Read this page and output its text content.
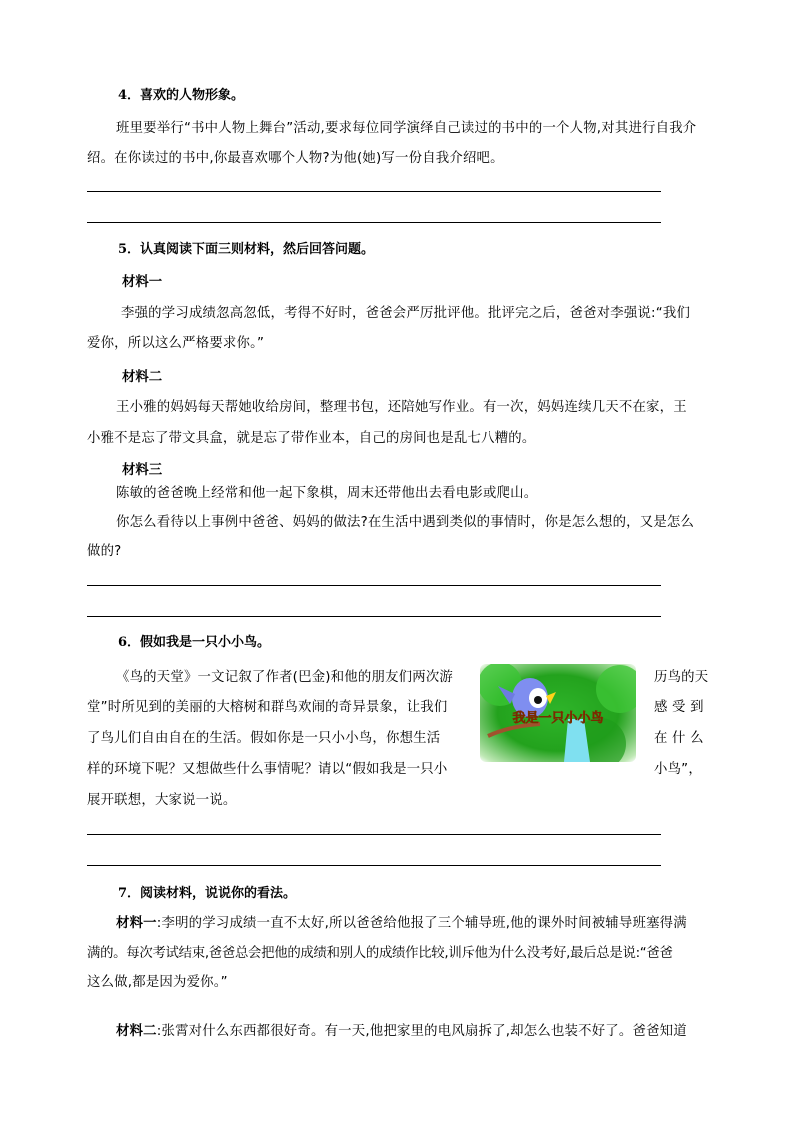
4．喜欢的人物形象。
班里要举行“书中人物上舞台”活动,要求每位同学演绎自己读过的书中的一个人物,对其进行自我介
绍。在你读过的书中,你最喜欢哪个人物?为他(她)写一份自我介绍吧。
5．认真阅读下面三则材料，然后回答问题。
材料一
李强的学习成绩忽高忽低，考得不好时，爸爸会严厉批评他。批评完之后，爸爸对李强说:“我们
爱你，所以这么严格要求你。”
材料二
王小雅的妈妈每天帮她收给房间，整理书包，还陪她写作业。有一次，妈妈连续几天不在家，王
小雅不是忘了带文具盒，就是忘了带作业本，自己的房间也是乱七八糟的。
材料三
陈敏的爸爸晚上经常和他一起下象棋，周末还带他出去看电影或爬山。
你怎么看待以上事例中爸爸、妈妈的做法?在生活中遇到类似的事情时，你是怎么想的，又是怎么
做的?
6．假如我是一只小小鸟。
《鸟的天堂》一文记叙了作者(巴金)和他的朋友们两次游
堂”时所见到的美丽的大榕树和群鸟欢闹的奇异景象，让我们
了鸟儿们自由自在的生活。假如你是一只小小鸟，你想生活
样的环境下呢？又想做些什么事情呢？请以“假如我是一只小
历鸟的天
感 受 到
在 什 么
小鸟”，
展开联想，大家说一说。
我是一只小小鸟
7．阅读材料，说说你的看法。
材料一:李明的学习成绩一直不太好,所以爸爸给他报了三个辅导班,他的课外时间被辅导班塞得满
满的。每次考试结束,爸爸总会把他的成绩和别人的成绩作比较,训斥他为什么没考好,最后总是说:“爸爸
这么做,都是因为爱你。”
材料二:张霄对什么东西都很好奇。有一天,他把家里的电风扇拆了,却怎么也装不好了。爸爸知道
